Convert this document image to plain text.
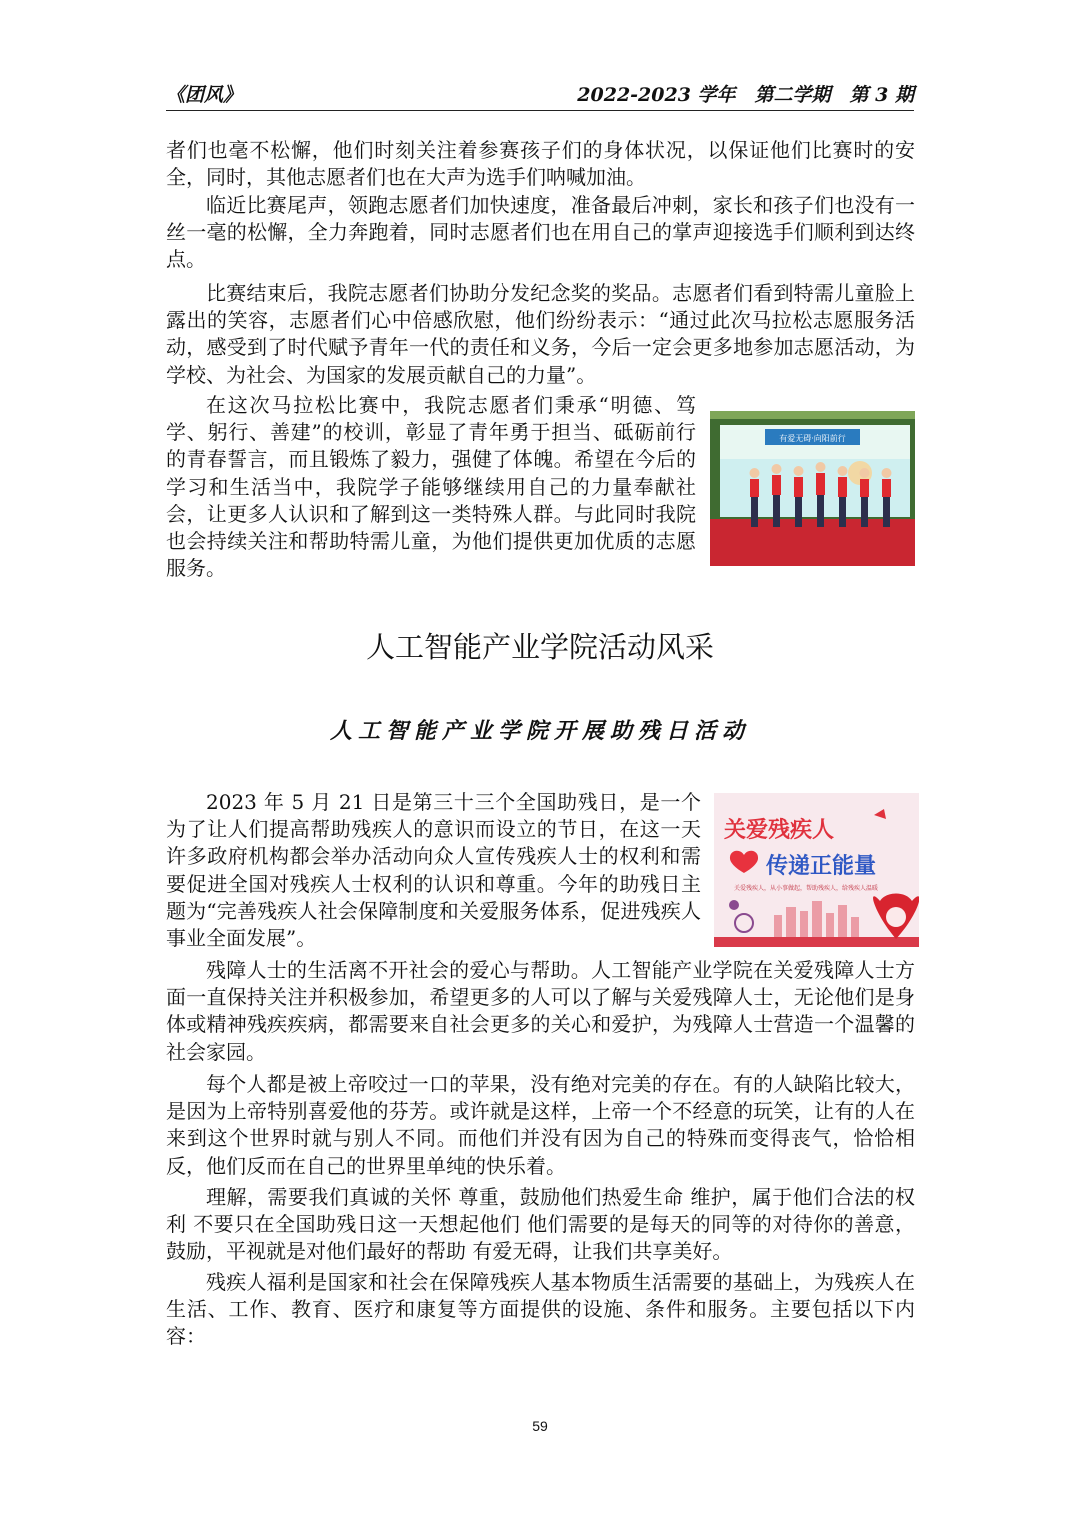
《团风》	2022-2023 学年　第二学期　第 3 期

者们也毫不松懈，他们时刻关注着参赛孩子们的身体状况，以保证他们比赛时的安全，同时，其他志愿者们也在大声为选手们呐喊加油。

临近比赛尾声，领跑志愿者们加快速度，准备最后冲刺，家长和孩子们也没有一丝一毫的松懈，全力奔跑着，同时志愿者们也在用自己的掌声迎接选手们顺利到达终点。

比赛结束后，我院志愿者们协助分发纪念奖的奖品。志愿者们看到特需儿童脸上露出的笑容，志愿者们心中倍感欣慰，他们纷纷表示：“通过此次马拉松志愿服务活动，感受到了时代赋予青年一代的责任和义务，今后一定会更多地参加志愿活动，为学校、为社会、为国家的发展贡献自己的力量”。

在这次马拉松比赛中，我院志愿者们秉承“明德、笃学、躬行、善建”的校训，彰显了青年勇于担当、砥砺前行的青春誓言，而且锻炼了毅力，强健了体魄。希望在今后的学习和生活当中，我院学子能够继续用自己的力量奉献社会，让更多人认识和了解到这一类特殊人群。与此同时我院也会持续关注和帮助特需儿童，为他们提供更加优质的志愿服务。

有爱无碍·向阳前行
人工智能产业学院活动风采
人工智能产业学院开展助残日活动

2023 年 5 月 21 日是第三十三个全国助残日，是一个为了让人们提高帮助残疾人的意识而设立的节日，在这一天许多政府机构都会举办活动向众人宣传残疾人士的权利和需要促进全国对残疾人士权利的认识和尊重。今年的助残日主题为“完善残疾人社会保障制度和关爱服务体系，促进残疾人事业全面发展”。

关爱残疾人
传递正能量
关爱残疾人，从小事做起，帮助残疾人，给残疾人温暖

残障人士的生活离不开社会的爱心与帮助。人工智能产业学院在关爱残障人士方面一直保持关注并积极参加，希望更多的人可以了解与关爱残障人士，无论他们是身体或精神残疾疾病，都需要来自社会更多的关心和爱护，为残障人士营造一个温馨的社会家园。

每个人都是被上帝咬过一口的苹果，没有绝对完美的存在。有的人缺陷比较大，是因为上帝特别喜爱他的芬芳。或许就是这样，上帝一个不经意的玩笑，让有的人在来到这个世界时就与别人不同。而他们并没有因为自己的特殊而变得丧气，恰恰相反，他们反而在自己的世界里单纯的快乐着。

理解，需要我们真诚的关怀 尊重，鼓励他们热爱生命 维护，属于他们合法的权利 不要只在全国助残日这一天想起他们 他们需要的是每天的同等的对待你的善意，鼓励，平视就是对他们最好的帮助 有爱无碍，让我们共享美好。

残疾人福利是国家和社会在保障残疾人基本物质生活需要的基础上，为残疾人在生活、工作、教育、医疗和康复等方面提供的设施、条件和服务。主要包括以下内容：

59
